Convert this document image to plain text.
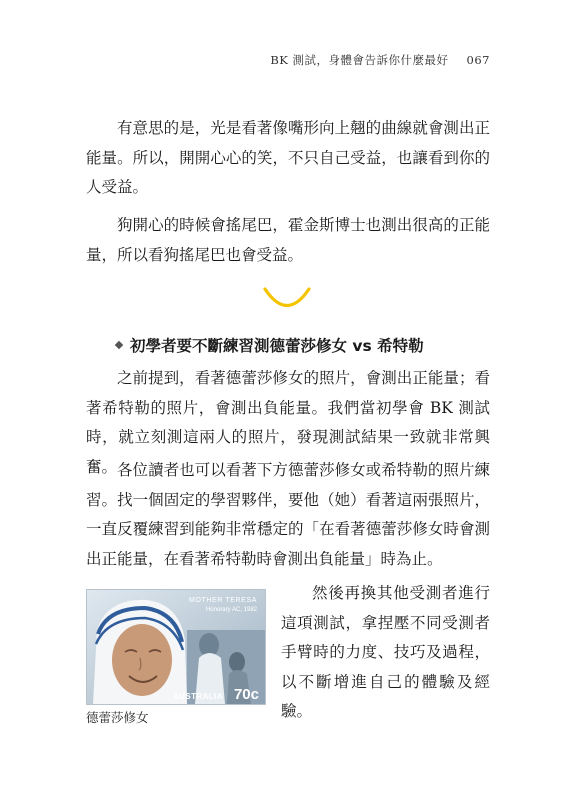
BK 測試，身體會告訴你什麼最好 067

有意思的是，光是看著像嘴形向上翹的曲線就會測出正能量。所以，開開心心的笑，不只自己受益，也讓看到你的人受益。

狗開心的時候會搖尾巴，霍金斯博士也測出很高的正能量，所以看狗搖尾巴也會受益。

初學者要不斷練習測德蕾莎修女 vs 希特勒

之前提到，看著德蕾莎修女的照片，會測出正能量；看著希特勒的照片，會測出負能量。我們當初學會 BK 測試時，就立刻測這兩人的照片，發現測試結果一致就非常興奮。 各位讀者也可以看著下方德蕾莎修女或希特勒的照片練習。找一個固定的學習夥伴，要他（她）看著這兩張照片，一直反覆練習到能夠非常穩定的「在看著德蕾莎修女時會測出正能量，在看著希特勒時會測出負能量」時為止。

MOTHER TERESA
Honorary AC, 1982
AUSTRALIA 70c
德蕾莎修女

然後再換其他受測者進行這項測試，拿捏壓不同受測者手臂時的力度、技巧及過程，以不斷增進自己的體驗及經驗。
